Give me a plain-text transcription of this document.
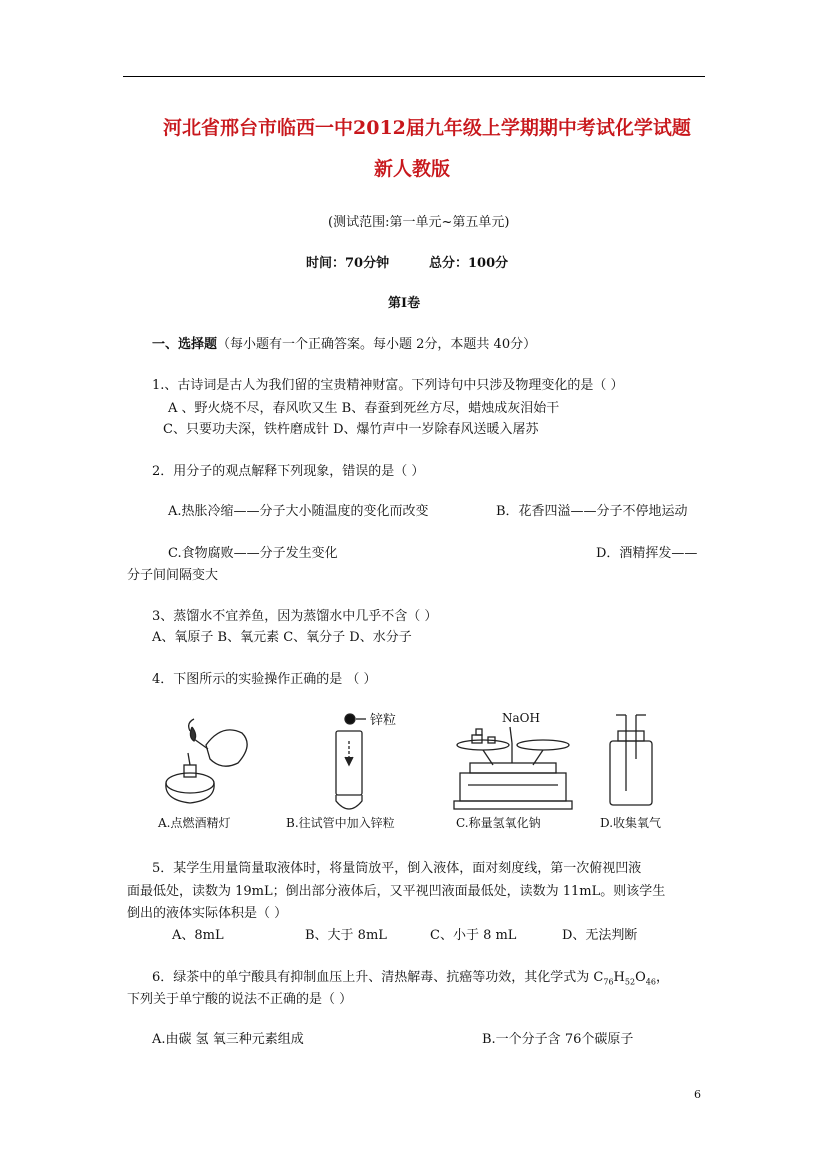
河北省邢台市临西一中2012届九年级上学期期中考试化学试题
新人教版
(测试范围:第一单元~第五单元)
时间：70分钟	总分：100分
第Ⅰ卷
一、选择题（每小题有一个正确答案。每小题 2分，本题共 40分）
1.、古诗词是古人为我们留的宝贵精神财富。下列诗句中只涉及物理变化的是（ ）
A 、野火烧不尽，春风吹又生 B、春蚕到死丝方尽，蜡烛成灰泪始干
C、只要功夫深，铁杵磨成针 D、爆竹声中一岁除春风送暖入屠苏
2．用分子的观点解释下列现象，错误的是（ ）
A.热胀冷缩——分子大小随温度的变化而改变	B．花香四溢——分子不停地运动
C.食物腐败——分子发生变化	D．酒精挥发——
分子间间隔变大
3、蒸馏水不宜养鱼，因为蒸馏水中几乎不含（ ）
A、氧原子 B、氧元素 C、氧分子 D、水分子
4．下图所示的实验操作正确的是 （ ）
锌粒	NaOH
A.点燃酒精灯	B.往试管中加入锌粒	C.称量氢氧化钠	D.收集氧气
5．某学生用量筒量取液体时，将量筒放平，倒入液体，面对刻度线，第一次俯视凹液
面最低处，读数为 19mL；倒出部分液体后，又平视凹液面最低处，读数为 11mL。则该学生
倒出的液体实际体积是（ ）
A、8mL	B、大于 8mL	C、小于 8 mL	D、无法判断
6．绿茶中的单宁酸具有抑制血压上升、清热解毒、抗癌等功效，其化学式为 $C_{76}H_{52}O_{46}$，
下列关于单宁酸的说法不正确的是（ ）
A.由碳 氢 氧三种元素组成	B.一个分子含 76个碳原子
6
